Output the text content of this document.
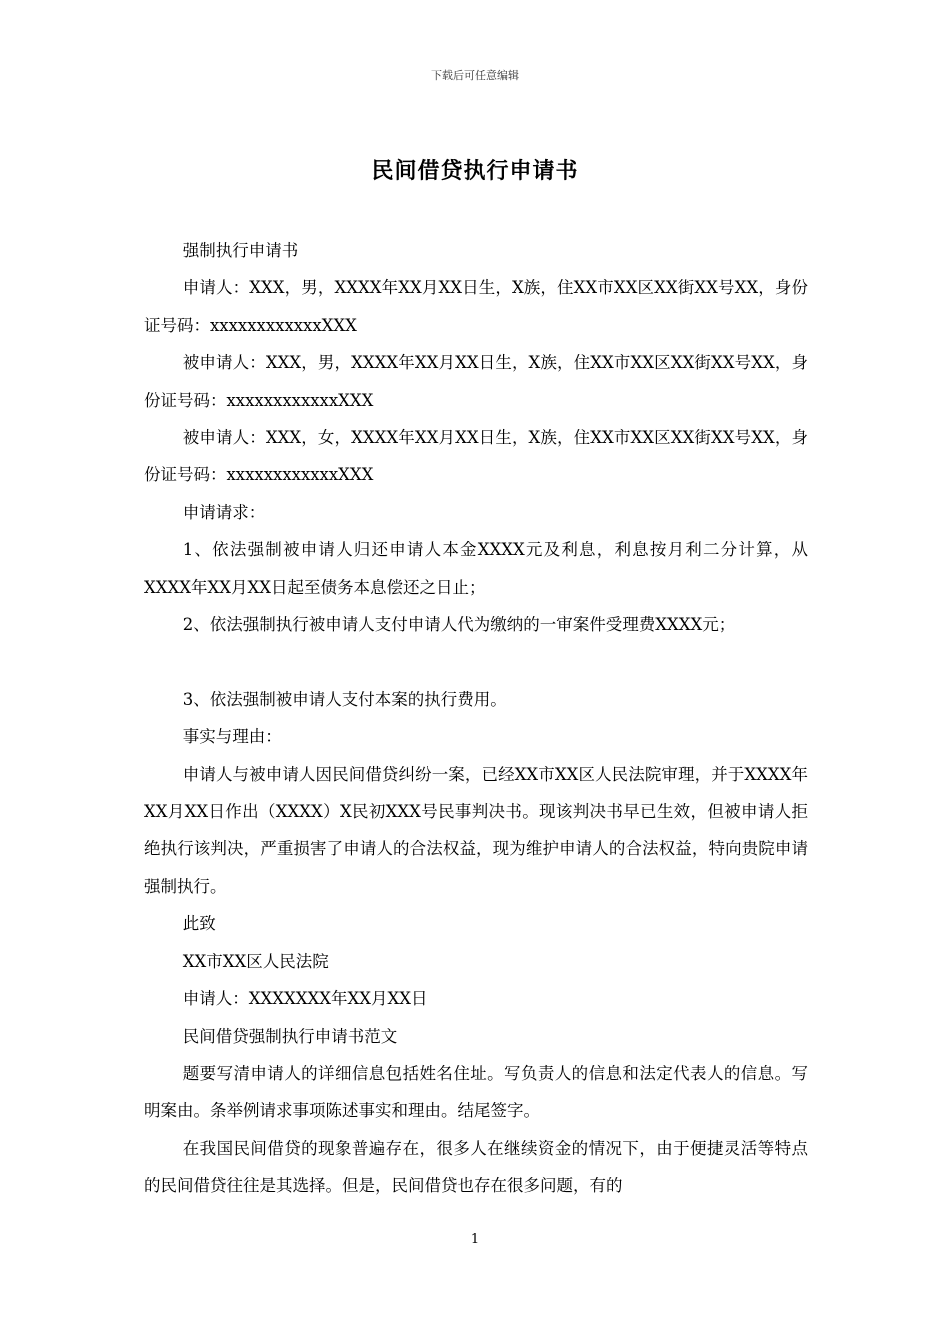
下载后可任意编辑
民间借贷执行申请书

强制执行申请书

申请人：XXX，男，XXXX年XX月XX日生，X族，住XX市XX区XX街XX号XX，身份证号码：xxxxxxxxxxxxXXX

被申请人：XXX，男，XXXX年XX月XX日生，X族，住XX市XX区XX街XX号XX，身份证号码：xxxxxxxxxxxxXXX

被申请人：XXX，女，XXXX年XX月XX日生，X族，住XX市XX区XX街XX号XX，身份证号码：xxxxxxxxxxxxXXX

申请请求：

1、依法强制被申请人归还申请人本金XXXX元及利息，利息按月利二分计算，从XXXX年XX月XX日起至债务本息偿还之日止；

2、依法强制执行被申请人支付申请人代为缴纳的一审案件受理费XXXX元；

3、依法强制被申请人支付本案的执行费用。

事实与理由：

申请人与被申请人因民间借贷纠纷一案，已经XX市XX区人民法院审理，并于XXXX年XX月XX日作出（XXXX）X民初XXX号民事判决书。现该判决书早已生效，但被申请人拒绝执行该判决，严重损害了申请人的合法权益，现为维护申请人的合法权益，特向贵院申请强制执行。

此致

XX市XX区人民法院

申请人：XXXXXXX年XX月XX日

民间借贷强制执行申请书范文

题要写清申请人的详细信息包括姓名住址。写负责人的信息和法定代表人的信息。写明案由。条举例请求事项陈述事实和理由。结尾签字。

在我国民间借贷的现象普遍存在，很多人在继续资金的情况下，由于便捷灵活等特点的民间借贷往往是其选择。但是，民间借贷也存在很多问题，有的

1
